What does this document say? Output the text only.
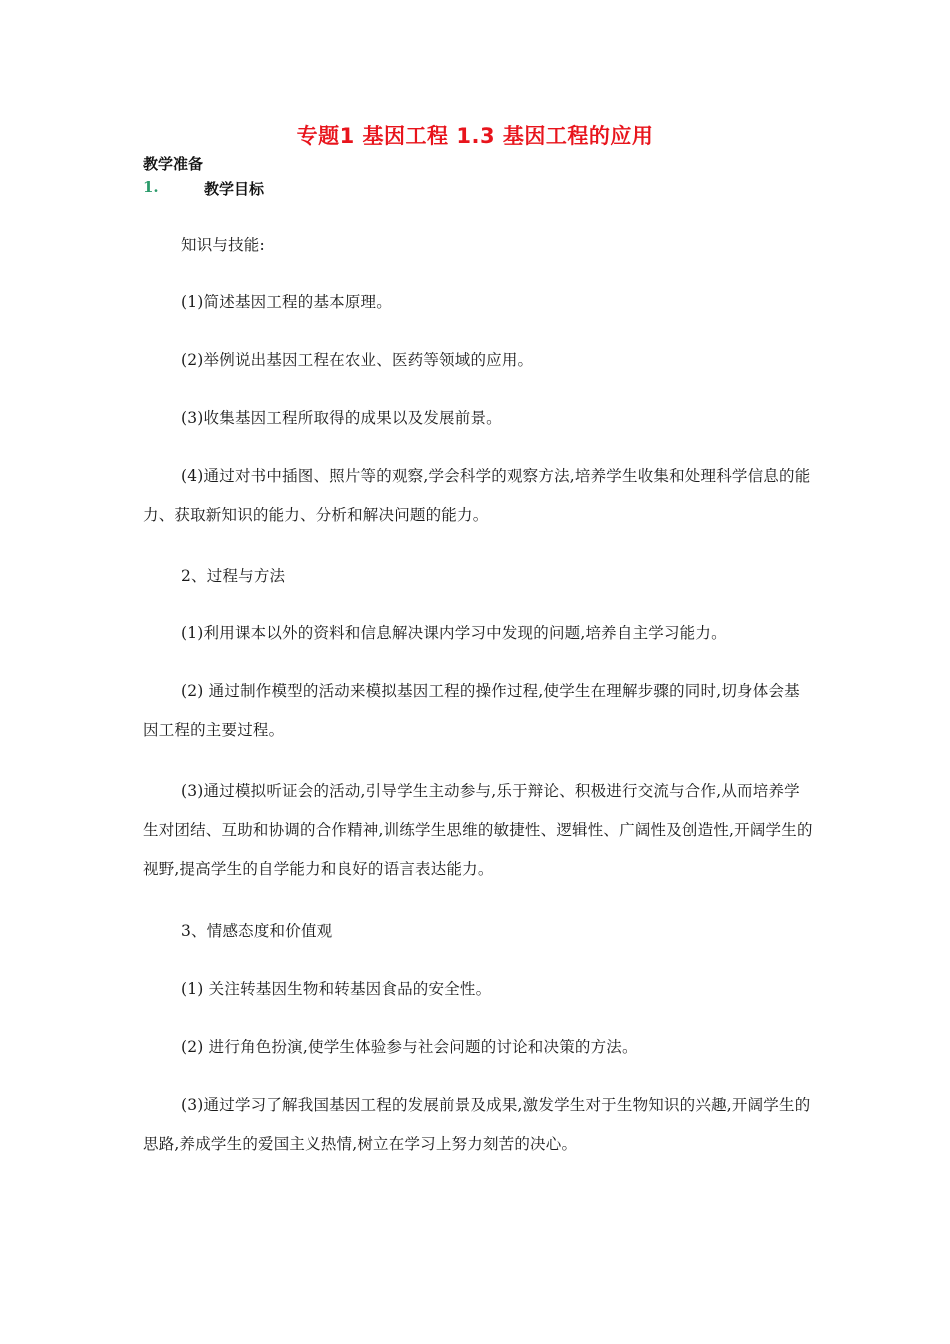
专题1 基因工程 1.3 基因工程的应用
教学准备
1.	教学目标

知识与技能:

(1)简述基因工程的基本原理。

(2)举例说出基因工程在农业、医药等领域的应用。

(3)收集基因工程所取得的成果以及发展前景。

(4)通过对书中插图、照片等的观察,学会科学的观察方法,培养学生收集和处理科学信息的能力、获取新知识的能力、分析和解决问题的能力。

2、过程与方法

(1)利用课本以外的资料和信息解决课内学习中发现的问题,培养自主学习能力。

(2) 通过制作模型的活动来模拟基因工程的操作过程,使学生在理解步骤的同时,切身体会基因工程的主要过程。

(3)通过模拟听证会的活动,引导学生主动参与,乐于辩论、积极进行交流与合作,从而培养学生对团结、互助和协调的合作精神,训练学生思维的敏捷性、逻辑性、广阔性及创造性,开阔学生的视野,提高学生的自学能力和良好的语言表达能力。

3、情感态度和价值观

(1) 关注转基因生物和转基因食品的安全性。

(2) 进行角色扮演,使学生体验参与社会问题的讨论和决策的方法。

(3)通过学习了解我国基因工程的发展前景及成果,激发学生对于生物知识的兴趣,开阔学生的思路,养成学生的爱国主义热情,树立在学习上努力刻苦的决心。
